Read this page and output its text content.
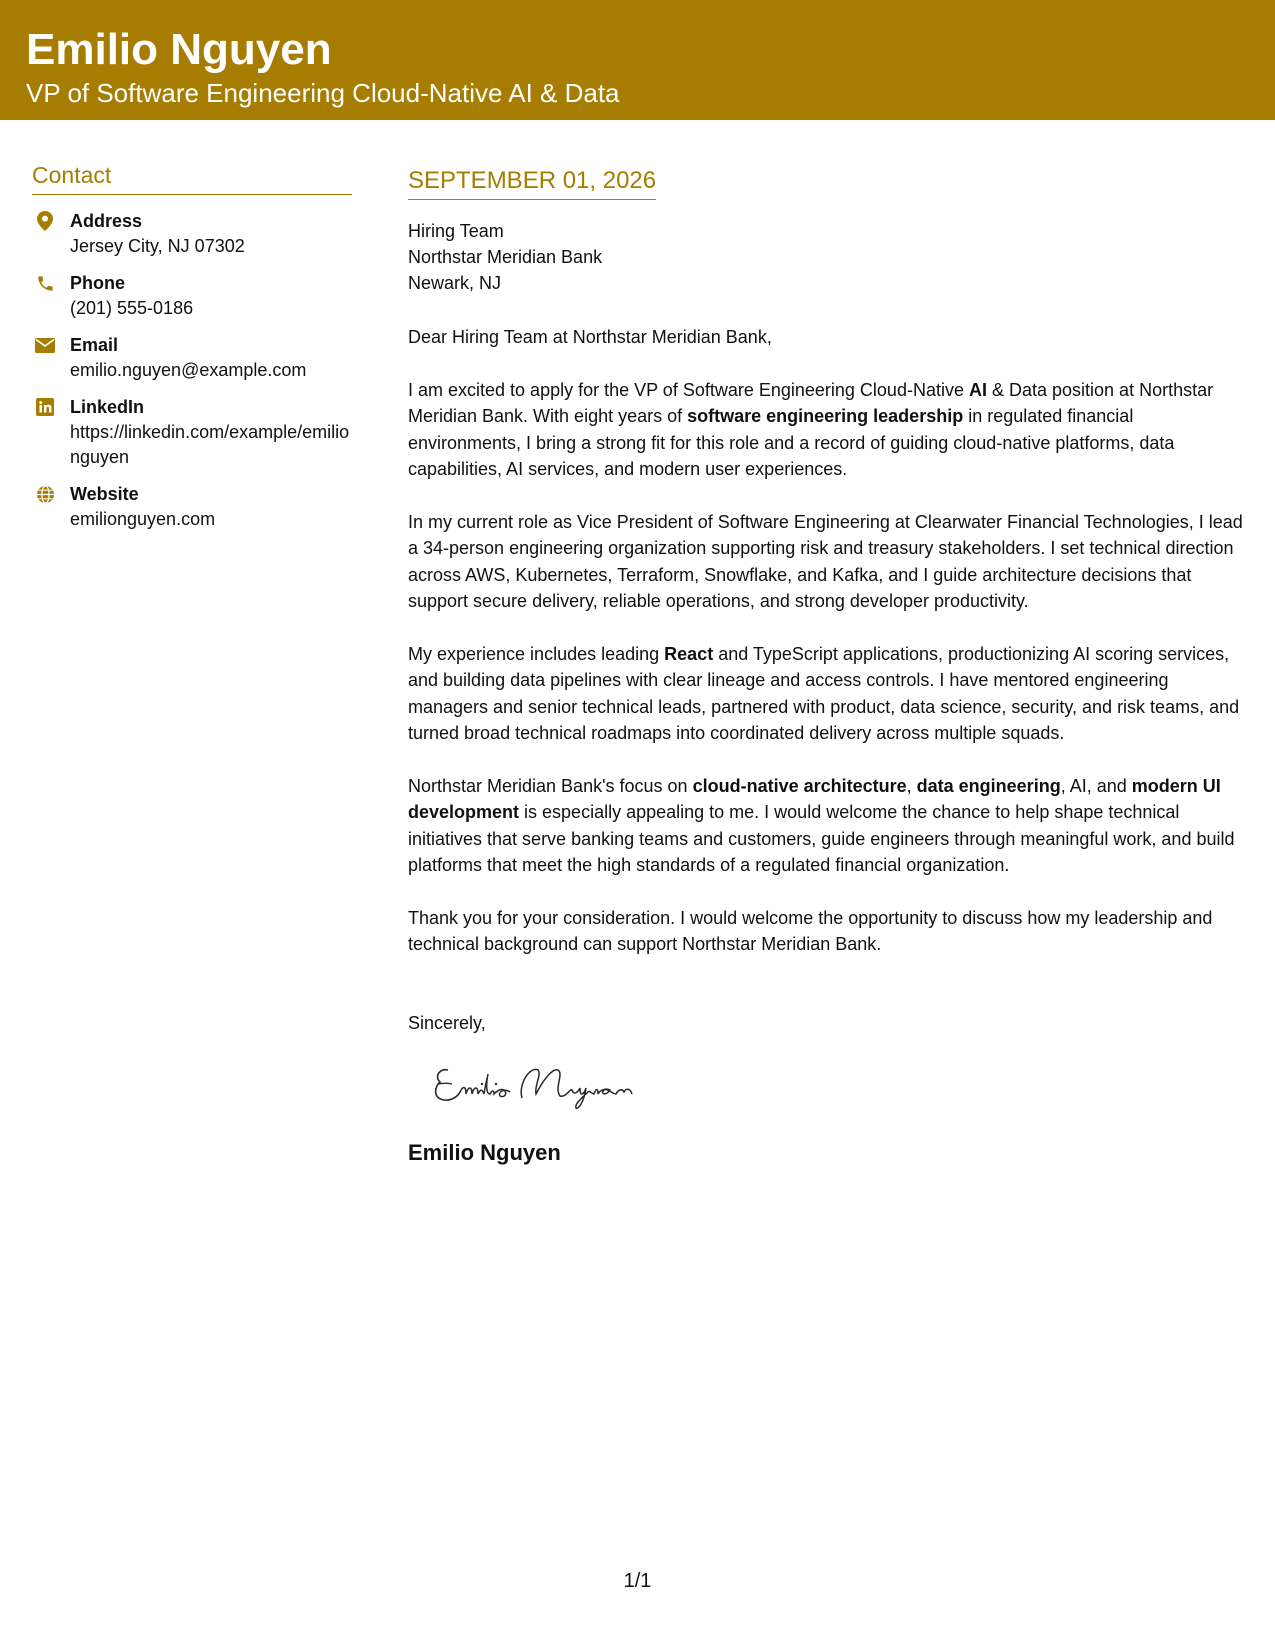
Emilio Nguyen
VP of Software Engineering Cloud-Native AI & Data
Contact
Address
Jersey City, NJ 07302
Phone
(201) 555-0186
Email
emilio.nguyen@example.com
LinkedIn
https://linkedin.com/example/emilionguyen
Website
emilionguyen.com
SEPTEMBER 01, 2026
Hiring Team
Northstar Meridian Bank
Newark, NJ
Dear Hiring Team at Northstar Meridian Bank,

I am excited to apply for the VP of Software Engineering Cloud-Native AI & Data position at Northstar Meridian Bank. With eight years of software engineering leadership in regulated financial environments, I bring a strong fit for this role and a record of guiding cloud-native platforms, data capabilities, AI services, and modern user experiences.

In my current role as Vice President of Software Engineering at Clearwater Financial Technologies, I lead a 34-person engineering organization supporting risk and treasury stakeholders. I set technical direction across AWS, Kubernetes, Terraform, Snowflake, and Kafka, and I guide architecture decisions that support secure delivery, reliable operations, and strong developer productivity.

My experience includes leading React and TypeScript applications, productionizing AI scoring services, and building data pipelines with clear lineage and access controls. I have mentored engineering managers and senior technical leads, partnered with product, data science, security, and risk teams, and turned broad technical roadmaps into coordinated delivery across multiple squads.

Northstar Meridian Bank's focus on cloud-native architecture, data engineering, AI, and modern UI development is especially appealing to me. I would welcome the chance to help shape technical initiatives that serve banking teams and customers, guide engineers through meaningful work, and build platforms that meet the high standards of a regulated financial organization.

Thank you for your consideration. I would welcome the opportunity to discuss how my leadership and technical background can support Northstar Meridian Bank.

Sincerely,
Emilio Nguyen
1/1
